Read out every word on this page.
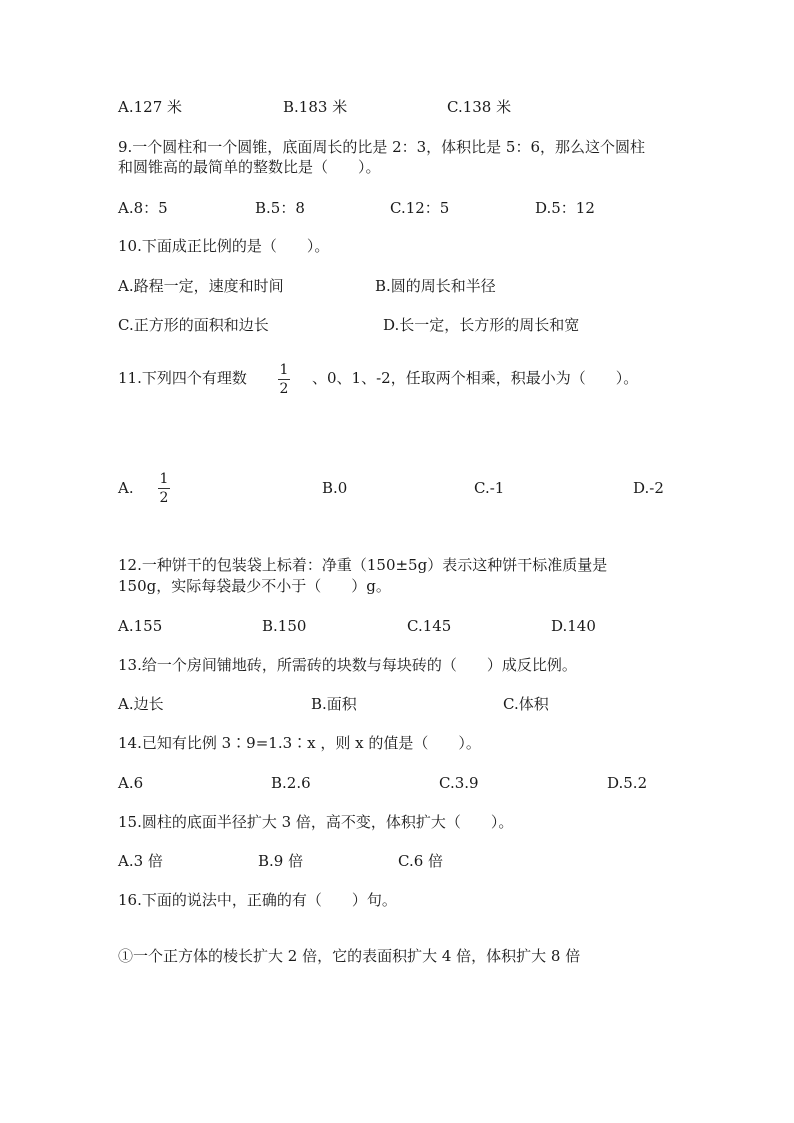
A.127 米	B.183 米	C.138 米
9.一个圆柱和一个圆锥，底面周长的比是 2：3，体积比是 5：6，那么这个圆柱
和圆锥高的最简单的整数比是（　　）。
A.8：5	B.5：8	C.12：5	D.5：12
10.下面成正比例的是（　　）。
A.路程一定，速度和时间	B.圆的周长和半径
C.正方形的面积和边长	D.长一定，长方形的周长和宽
11.下列四个有理数 1
2
、0、1、-2，任取两个相乘，积最小为（　　）。
A. 1
2
B.0	C.-1	D.-2
12.一种饼干的包装袋上标着：净重（150±5g）表示这种饼干标准质量是
150g，实际每袋最少不小于（　　）g。
A.155	B.150	C.145	D.140
13.给一个房间铺地砖，所需砖的块数与每块砖的（　　）成反比例。
A.边长	B.面积	C.体积
14.已知有比例 3∶9=1.3∶x ，则 x 的值是（　　）。
A.6	B.2.6	C.3.9	D.5.2
15.圆柱的底面半径扩大 3 倍，高不变，体积扩大（　　）。
A.3 倍	B.9 倍	C.6 倍
16.下面的说法中，正确的有（　　）句。
①一个正方体的棱长扩大 2 倍，它的表面积扩大 4 倍，体积扩大 8 倍
